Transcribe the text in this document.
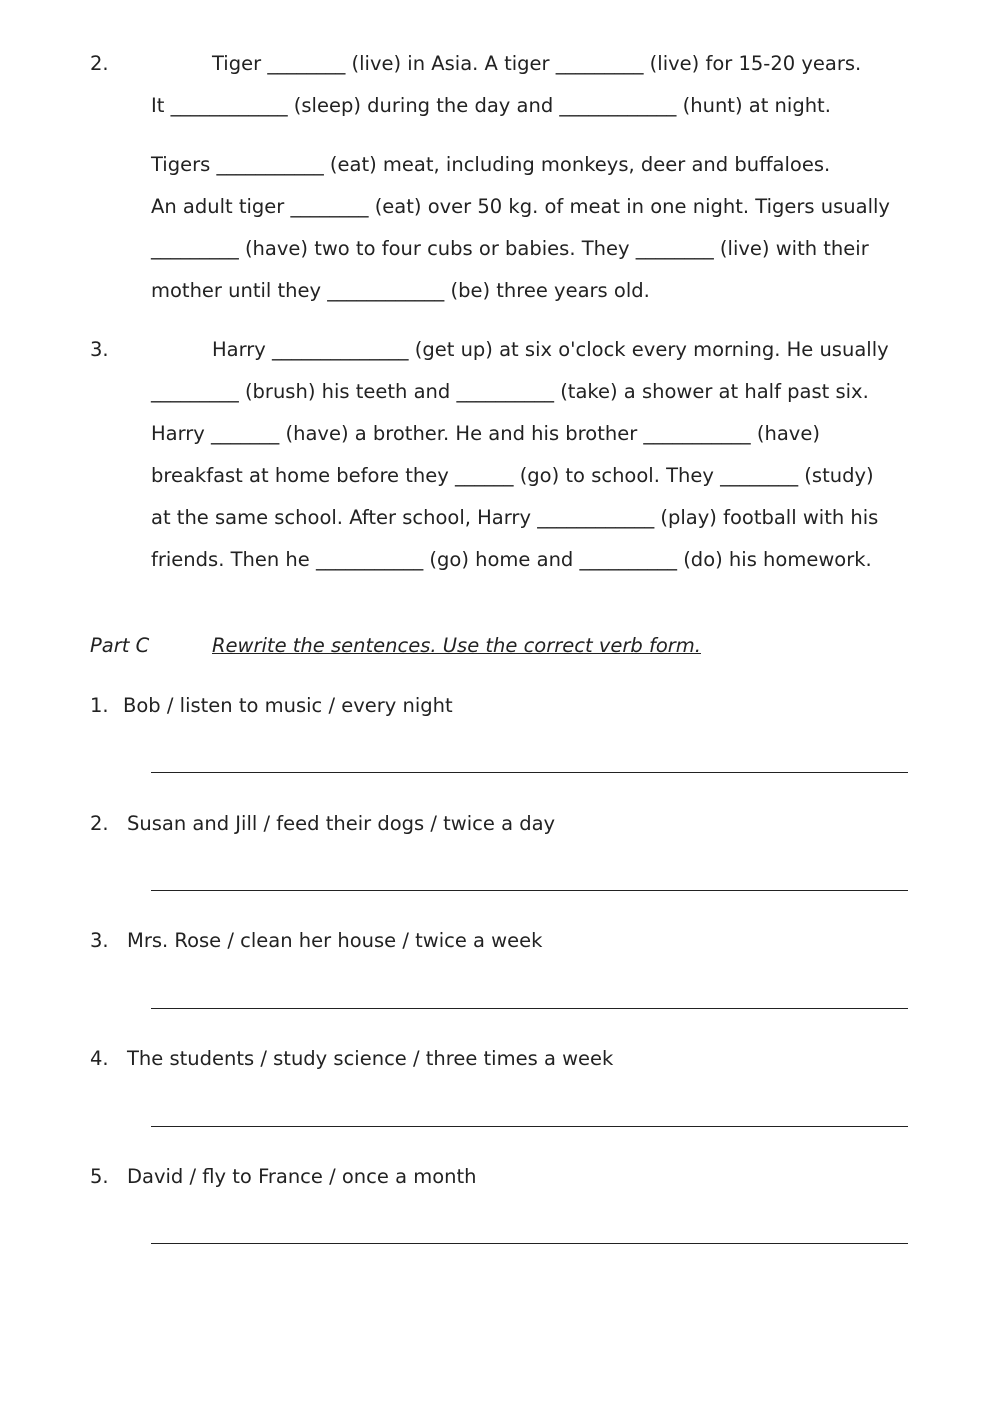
2.	Tiger ________ (live) in Asia. A tiger _________ (live) for 15-20 years.
It ____________ (sleep) during the day and ____________ (hunt) at night.
Tigers ___________ (eat) meat, including monkeys, deer and buffaloes.
An adult tiger ________ (eat) over 50 kg. of meat in one night. Tigers usually
_________ (have) two to four cubs or babies. They ________ (live) with their
mother until they ____________ (be) three years old.
3.	Harry ______________ (get up) at six o'clock every morning. He usually
_________ (brush) his teeth and __________ (take) a shower at half past six.
Harry _______ (have) a brother. He and his brother ___________ (have)
breakfast at home before they ______ (go) to school. They ________ (study)
at the same school. After school, Harry ____________ (play) football with his
friends. Then he ___________ (go) home and __________ (do) his homework.
Part C	Rewrite the sentences. Use the correct verb form.
1. Bob / listen to music / every night
2. Susan and Jill / feed their dogs / twice a day
3. Mrs. Rose / clean her house / twice a week
4. The students / study science / three times a week
5. David / fly to France / once a month
